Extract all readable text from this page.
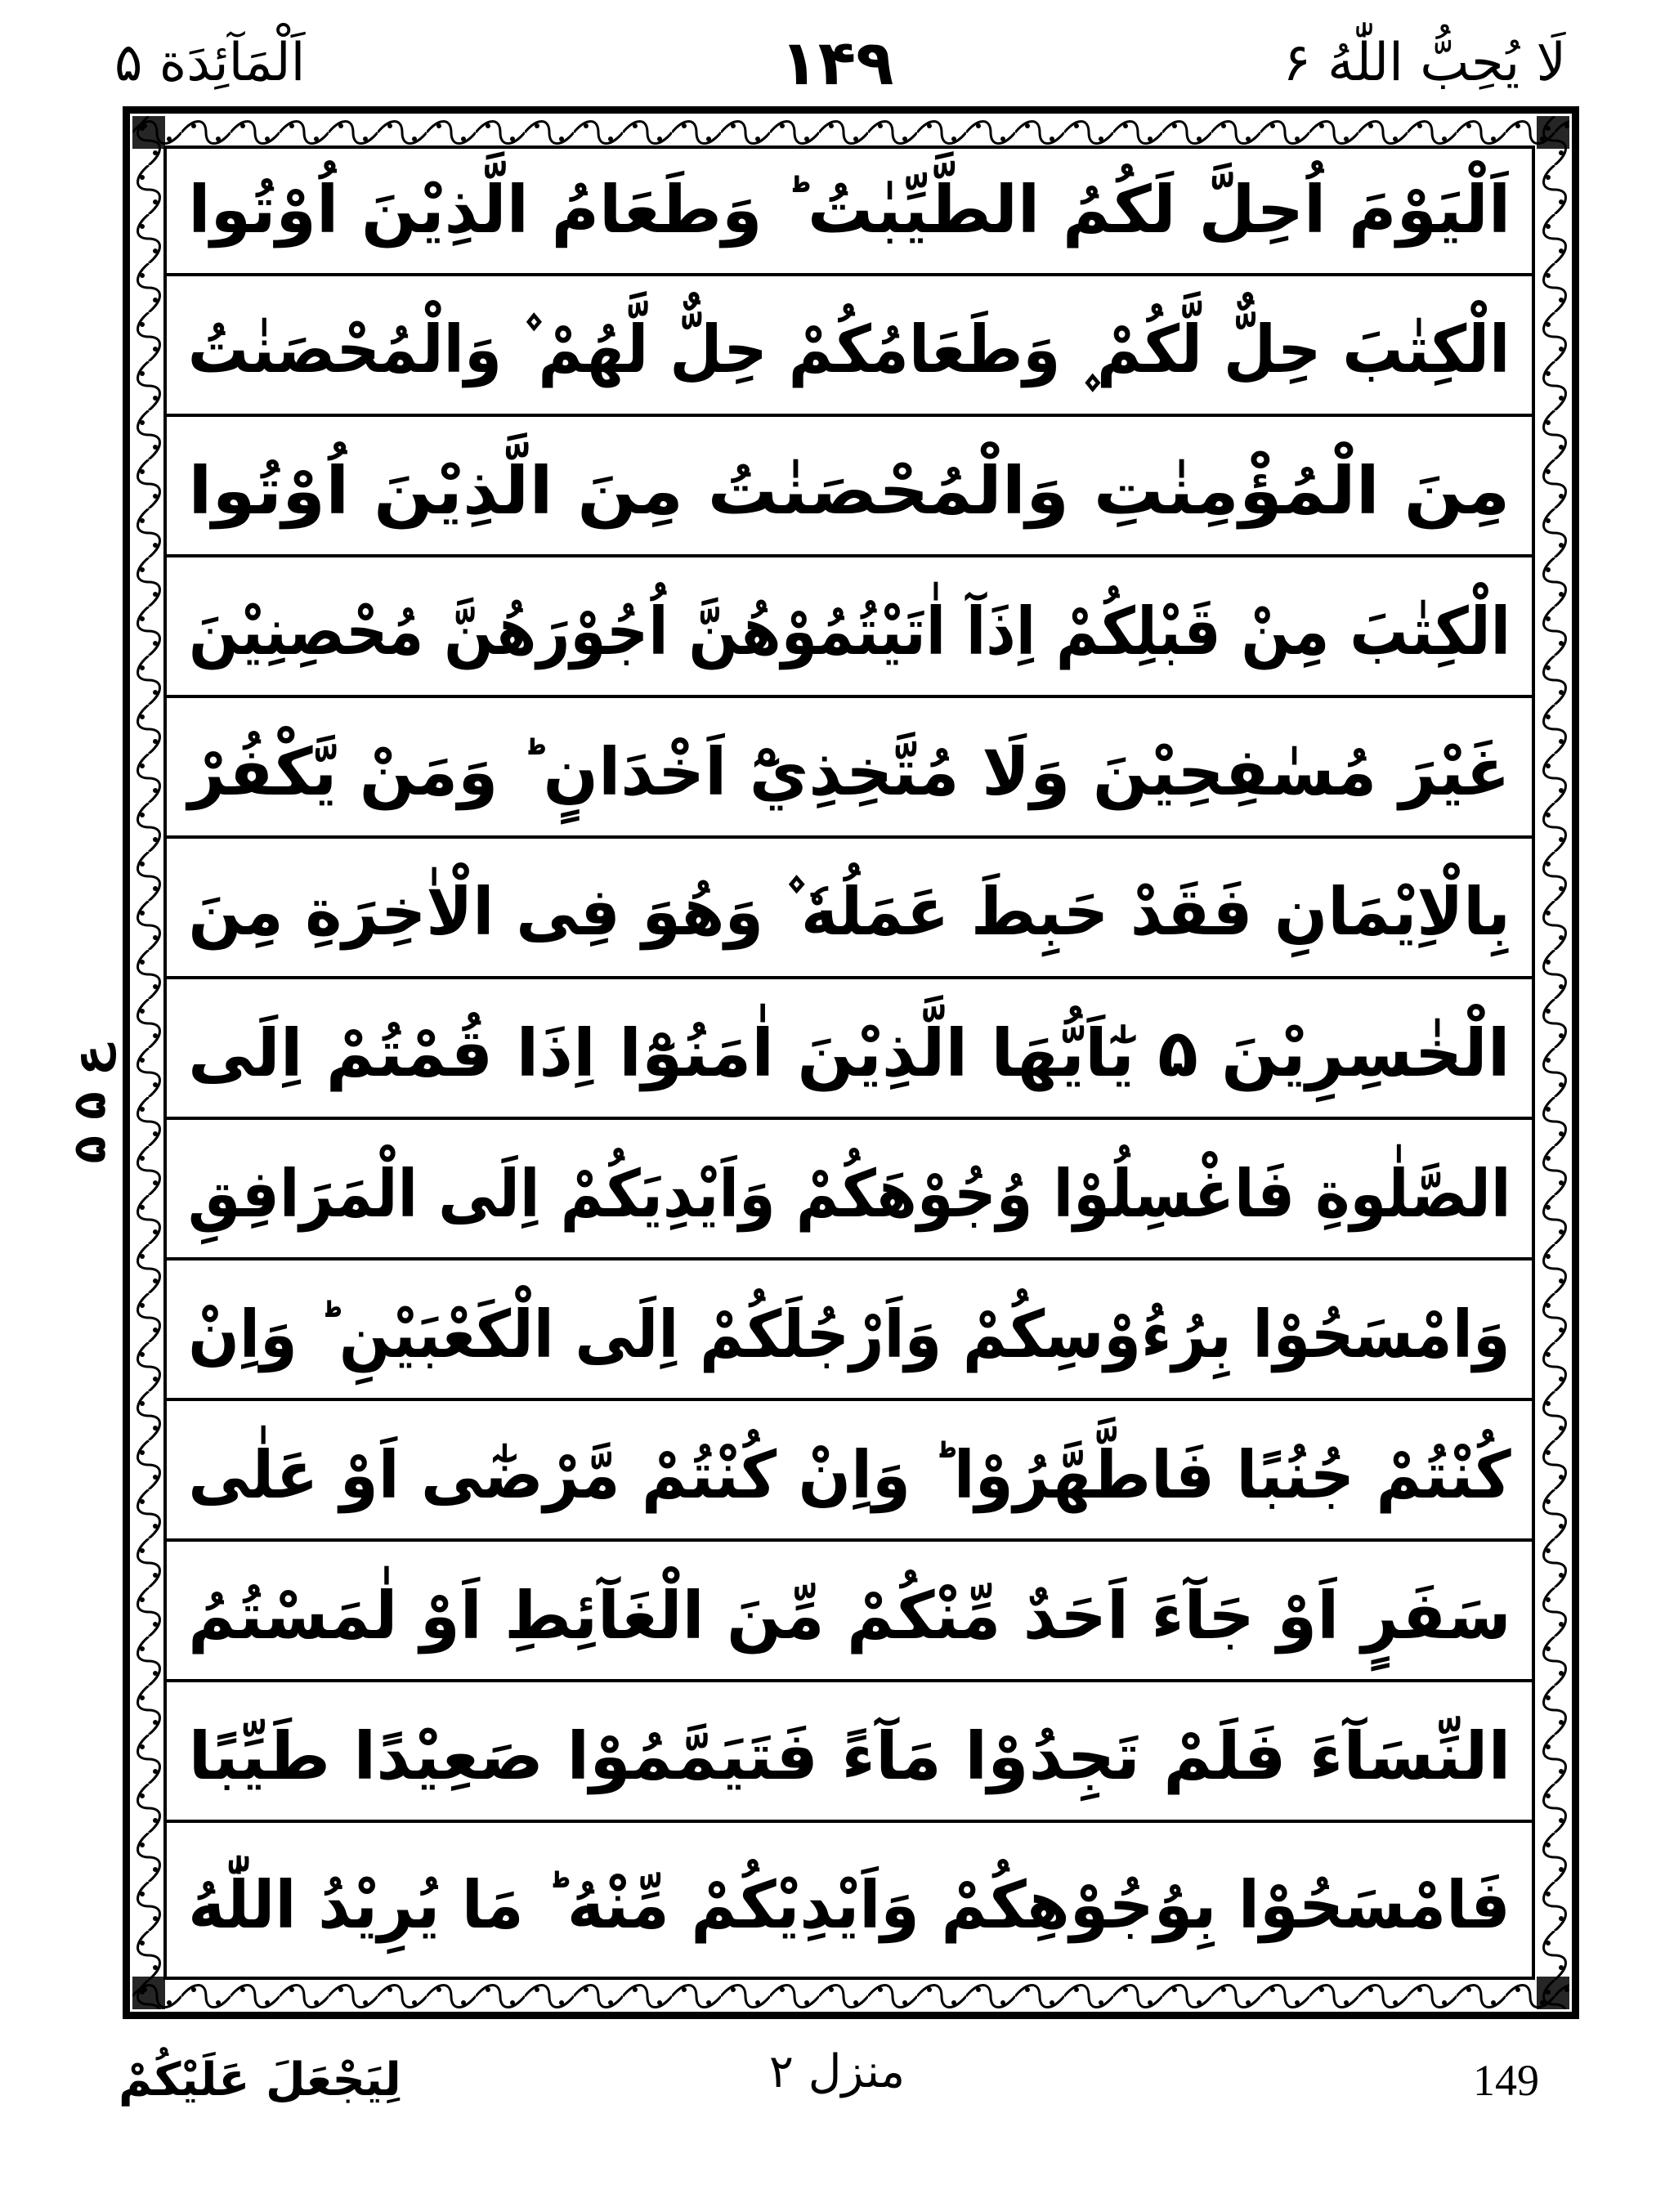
لَا يُحِبُّ اللّٰهُ ۶
۱۴۹
اَلْمَآئِدَة ۵
اَلْيَوْمَ اُحِلَّ لَكُمُ الطَّيِّبٰتُ ؕ وَطَعَامُ الَّذِيْنَ اُوْتُوا
الْكِتٰبَ حِلٌّ لَّكُمْ ۪ وَطَعَامُكُمْ حِلٌّ لَّهُمْ ۫ وَالْمُحْصَنٰتُ
مِنَ الْمُؤْمِنٰتِ وَالْمُحْصَنٰتُ مِنَ الَّذِيْنَ اُوْتُوا
الْكِتٰبَ مِنْ قَبْلِكُمْ اِذَآ اٰتَيْتُمُوْهُنَّ اُجُوْرَهُنَّ مُحْصِنِيْنَ
غَيْرَ مُسٰفِحِيْنَ وَلَا مُتَّخِذِيْٓ اَخْدَانٍ ؕ وَمَنْ يَّكْفُرْ
بِالْاِيْمَانِ فَقَدْ حَبِطَ عَمَلُهٗ ۫ وَهُوَ فِى الْاٰخِرَةِ مِنَ
الْخٰسِرِيْنَ ۵ يٰٓاَيُّهَا الَّذِيْنَ اٰمَنُوْٓا اِذَا قُمْتُمْ اِلَى
الصَّلٰوةِ فَاغْسِلُوْا وُجُوْهَكُمْ وَاَيْدِيَكُمْ اِلَى الْمَرَافِقِ
وَامْسَحُوْا بِرُءُوْسِكُمْ وَاَرْجُلَكُمْ اِلَى الْكَعْبَيْنِ ؕ وَاِنْ
كُنْتُمْ جُنُبًا فَاطَّهَّرُوْا ؕ وَاِنْ كُنْتُمْ مَّرْضٰٓى اَوْ عَلٰى
سَفَرٍ اَوْ جَآءَ اَحَدٌ مِّنْكُمْ مِّنَ الْغَآئِطِ اَوْ لٰمَسْتُمُ
النِّسَآءَ فَلَمْ تَجِدُوْا مَآءً فَتَيَمَّمُوْا صَعِيْدًا طَيِّبًا
فَامْسَحُوْا بِوُجُوْهِكُمْ وَاَيْدِيْكُمْ مِّنْهُ ؕ مَا يُرِيْدُ اللّٰهُ
ع ۵ ۵
لِيَجْعَلَ عَلَيْكُمْ	منزل ۲	149
